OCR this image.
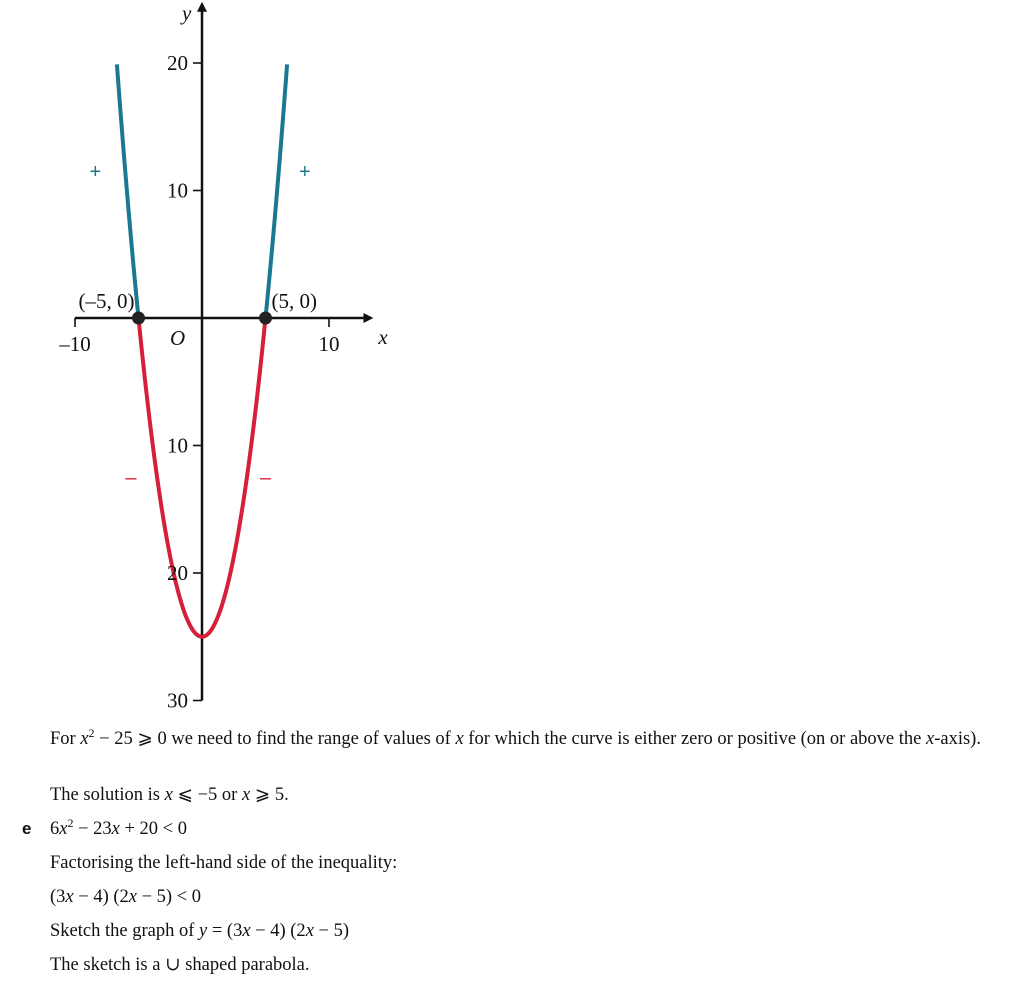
x
y
O
–10	10
20
10
10
20
30
(–5, 0)	(5, 0)
+	+
–	–

For $x^2 - 25$ ⩾ 0 we need to find the range of values of x for which the curve is either zero or positive (on or above the x-axis).

The solution is x ⩽ −5 or x ⩾ 5.

e $6x^2 - 23x + 20 < 0$

Factorising the left-hand side of the inequality:

(3x − 4) (2x − 5) < 0

Sketch the graph of y = (3x − 4) (2x − 5)

The sketch is a ∪ shaped parabola.
